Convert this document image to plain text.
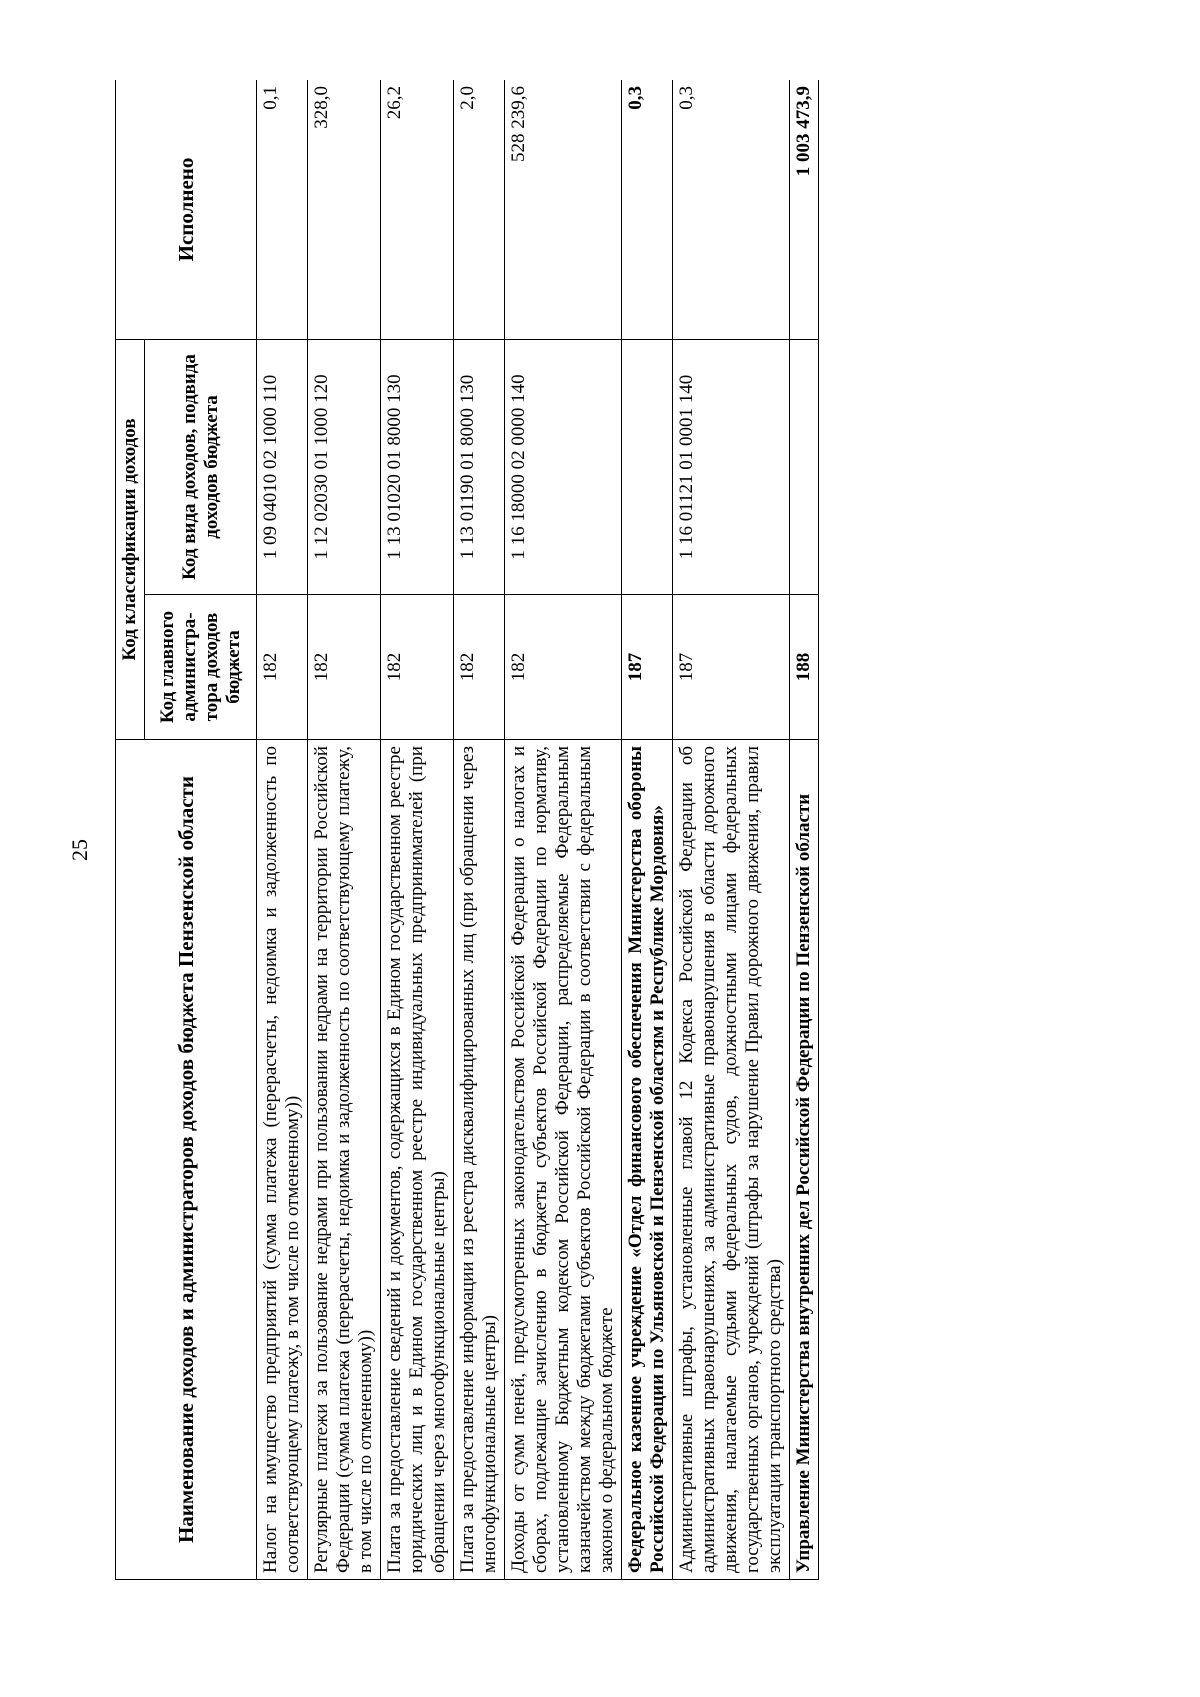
25	Наименование доходов и администраторов доходов бюджета Пензенской области	Код классификации доходов		Исполнено
	Код главного администра-тора доходов бюджета	Код вида доходов, подвида доходов бюджета	
Налог на имущество предприятий (сумма платежа (перерасчеты, недоимка и задолженность по соответствующему платежу, в том числе по отмененному))	182	1 09 04010 02 1000 110	0,1
Регулярные платежи за пользование недрами при пользовании недрами на территории Российской Федерации (сумма платежа (перерасчеты, недоимка и задолженность по соответствующему платежу, в том числе по отмененному))	182	1 12 02030 01 1000 120	328,0
Плата за предоставление сведений и документов, содержащихся в Едином государственном реестре юридических лиц и в Едином государственном реестре индивидуальных предпринимателей (при обращении через многофункциональные центры)	182	1 13 01020 01 8000 130	26,2
Плата за предоставление информации из реестра дисквалифицированных лиц (при обращении через многофункциональные центры)	182	1 13 01190 01 8000 130	2,0
Доходы от сумм пеней, предусмотренных законодательством Российской Федерации о налогах и сборах, подлежащие зачислению в бюджеты субъектов Российской Федерации по нормативу, установленному Бюджетным кодексом Российской Федерации, распределяемые Федеральным казначейством между бюджетами субъектов Российской Федерации в соответствии с федеральным законом о федеральном бюджете	182	1 16 18000 02 0000 140	528 239,6
Федеральное казенное учреждение «Отдел финансового обеспечения Министерства обороны Российской Федерации по Ульяновской и Пензенской областям и Республике Мордовия»	187		0,3
Административные штрафы, установленные главой 12 Кодекса Российской Федерации об административных правонарушениях, за административные правонарушения в области дорожного движения, налагаемые судьями федеральных судов, должностными лицами федеральных государственных органов, учреждений (штрафы за нарушение Правил дорожного движения, правил эксплуатации транспортного средства)	187	1 16 01121 01 0001 140	0,3
Управление Министерства внутренних дел Российской Федерации по Пензенской области	188		1 003 473,9
